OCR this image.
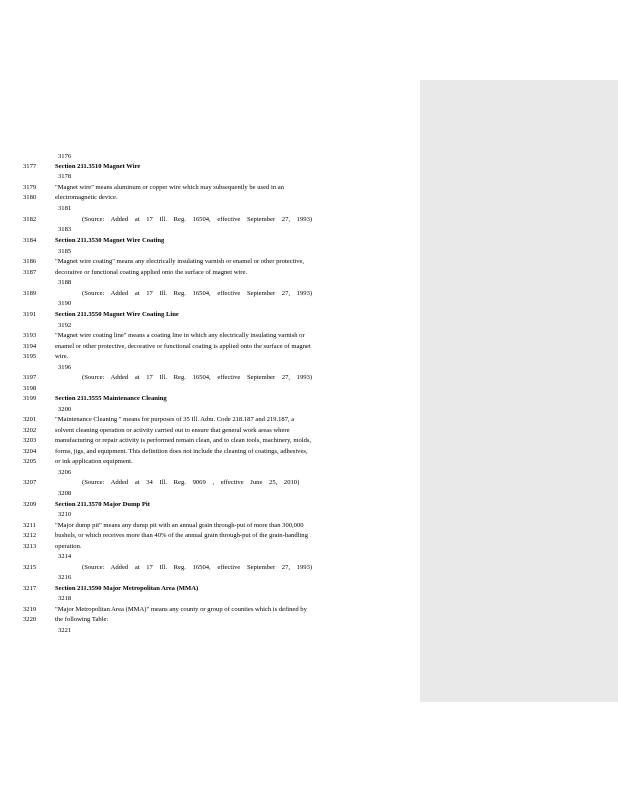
3176
3177	Section 211.3510 Magnet Wire
3178
3179	"Magnet wire" means aluminum or copper wire which may subsequently be used in an
3180	electromagnetic device.
3181
3182	(Source: Added at 17 Ill. Reg. 16504, effective September 27, 1993)
3183
3184	Section 211.3530 Magnet Wire Coating
3185
3186	"Magnet wire coating" means any electrically insulating varnish or enamel or other protective,
3187	decorative or functional coating applied onto the surface of magnet wire.
3188
3189	(Source: Added at 17 Ill. Reg. 16504, effective September 27, 1993)
3190
3191	Section 211.3550 Magnet Wire Coating Line
3192
3193	"Magnet wire coating line" means a coating line in which any electrically insulating varnish or
3194	enamel or other protective, decorative or functional coating is applied onto the surface of magnet
3195	wire.
3196
3197	(Source: Added at 17 Ill. Reg. 16504, effective September 27, 1993)
3198
3199	Section 211.3555 Maintenance Cleaning
3200
3201	"Maintenance Cleaning " means for purposes of 35 Ill. Adm. Code 218.187 and 219.187, a
3202	solvent cleaning operation or activity carried out to ensure that general work areas where
3203	manufacturing or repair activity is performed remain clean, and to clean tools, machinery, molds,
3204	forms, jigs, and equipment. This definition does not include the cleaning of coatings, adhesives,
3205	or ink application equipment.
3206
3207	(Source: Added at 34 Ill. Reg. 9069 , effective June 25, 2010)
3208
3209	Section 211.3570 Major Dump Pit
3210
3211	"Major dump pit" means any dump pit with an annual grain through-put of more than 300,000
3212	bushels, or which receives more than 40% of the annual grain through-put of the grain-handling
3213	operation.
3214
3215	(Source: Added at 17 Ill. Reg. 16504, effective September 27, 1993)
3216
3217	Section 211.3590 Major Metropolitan Area (MMA)
3218
3219	"Major Metropolitan Area (MMA)" means any county or group of counties which is defined by
3220	the following Table:
3221
